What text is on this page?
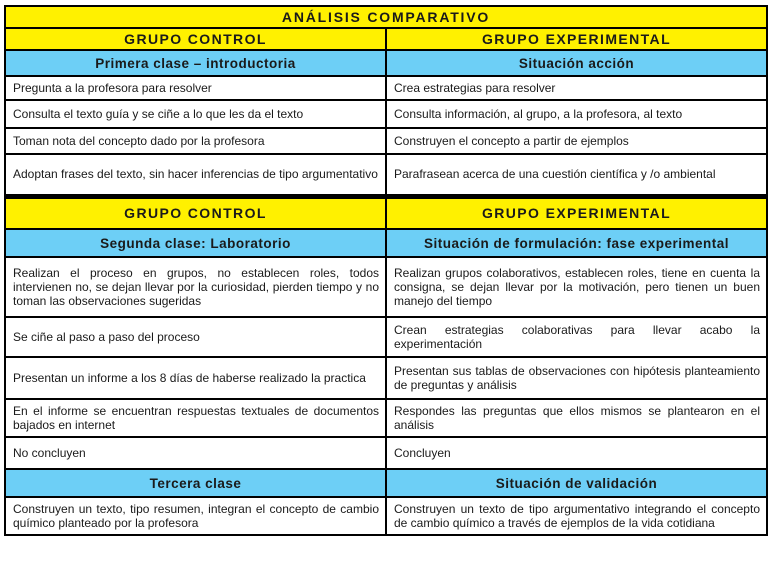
ANÁLISIS COMPARATIVO	
GRUPO CONTROL	GRUPO EXPERIMENTAL
Primera clase – introductoria	Situación acción
Pregunta a la profesora para resolver	Crea estrategias para resolver
Consulta el texto guía y se ciñe a lo que les da el texto	Consulta información, al grupo, a la profesora, al texto
Toman nota del concepto dado por la profesora	Construyen el concepto a partir de ejemplos
Adoptan frases del texto, sin hacer inferencias de tipo argumentativo	Parafrasean acerca de una cuestión científica y /o ambiental
GRUPO CONTROL	GRUPO EXPERIMENTAL
Segunda clase: Laboratorio	Situación de formulación: fase experimental
Realizan el proceso en grupos, no establecen roles, todos intervienen no, se dejan llevar por la curiosidad, pierden tiempo y no toman las observaciones sugeridas	Realizan grupos colaborativos, establecen roles, tiene en cuenta la consigna, se dejan llevar por la motivación, pero tienen un buen manejo del tiempo
Se ciñe al paso a paso del proceso	Crean estrategias colaborativas para llevar acabo la experimentación
Presentan un informe a los 8 días de haberse realizado la practica	Presentan sus tablas de observaciones con hipótesis planteamiento de preguntas y análisis
En el informe se encuentran respuestas textuales de documentos bajados en internet	Respondes las preguntas que ellos mismos se plantearon en el análisis
No concluyen	Concluyen
Tercera clase	Situación de validación
Construyen un texto, tipo resumen, integran el concepto de cambio químico planteado por la profesora	Construyen un texto de tipo argumentativo integrando el concepto de cambio químico a través de ejemplos de la vida cotidiana
